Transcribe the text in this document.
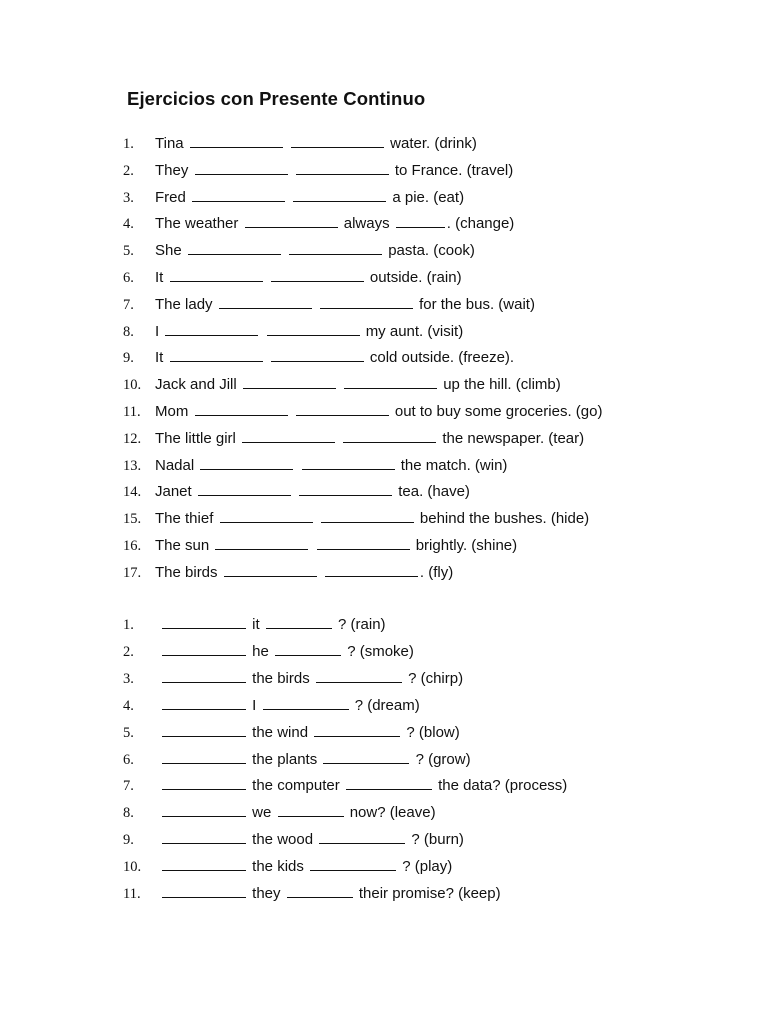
Ejercicios con Presente Continuo
1. Tina	water. (drink)
2. They	to France. (travel)
3. Fred	a pie. (eat)
4. The weather	always	. (change)
5. She	pasta. (cook)
6. It	outside. (rain)
7. The lady	for the bus. (wait)
8. I	my aunt. (visit)
9. It	cold outside. (freeze).
10. Jack and Jill	up the hill. (climb)
11. Mom	out to buy some groceries. (go)
12. The little girl	the newspaper. (tear)
13. Nadal	the match. (win)
14. Janet	tea. (have)
15. The thief	behind the bushes. (hide)
16. The sun	brightly. (shine)
17. The birds	. (fly)
1.	it	? (rain)
2.	he	? (smoke)
3.	the birds	? (chirp)
4.	I	? (dream)
5.	the wind	? (blow)
6.	the plants	? (grow)
7.	the computer	the data? (process)
8.	we	now? (leave)
9.	the wood	? (burn)
10.	the kids	? (play)
11.	they	their promise? (keep)
